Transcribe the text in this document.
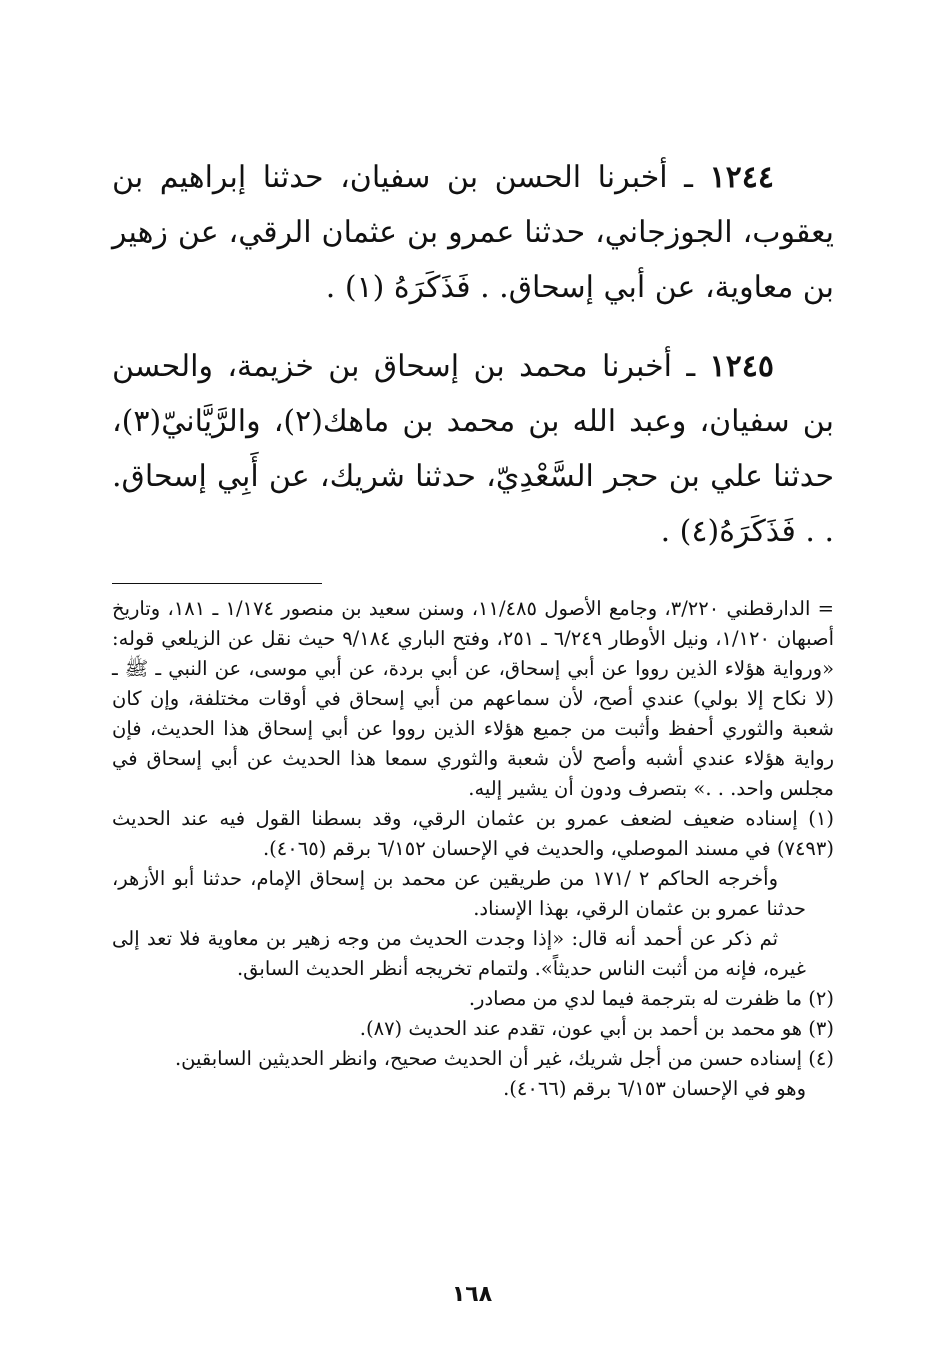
١٢٤٤ ـ أخبرنا الحسن بن سفيان، حدثنا إبراهيم بن يعقوب، الجوزجاني، حدثنا عمرو بن عثمان الرقي، عن زهير بن معاوية، عن أبي إسحاق. . فَذَكَرَهُ (١) .

١٢٤٥ ـ أخبرنا محمد بن إسحاق بن خزيمة، والحسن بن سفيان، وعبد الله بن محمد بن ماهك(٢)، والرَّيَّانيّ(٣)، حدثنا علي بن حجر السَّعْدِيّ، حدثنا شريك، عن أَبِي إسحاق. . . فَذَكَرَهُ(٤) .

= الدارقطني ٣/٢٢٠، وجامع الأصول ١١/٤٨٥، وسنن سعيد بن منصور ١/١٧٤ ـ ١٨١، وتاريخ أصبهان ١/١٢٠، ونيل الأوطار ٦/٢٤٩ ـ ٢٥١، وفتح الباري ٩/١٨٤ حيث نقل عن الزيلعي قوله: «ورواية هؤلاء الذين رووا عن أبي إسحاق، عن أبي بردة، عن أبي موسى، عن النبي ـ ﷺ ـ (لا نكاح إلا بولي) عندي أصح، لأن سماعهم من أبي إسحاق في أوقات مختلفة، وإن كان شعبة والثوري أحفظ وأثبت من جميع هؤلاء الذين رووا عن أبي إسحاق هذا الحديث، فإن رواية هؤلاء عندي أشبه وأصح لأن شعبة والثوري سمعا هذا الحديث عن أبي إسحاق في مجلس واحد. . .» بتصرف ودون أن يشير إليه.

(١) إسناده ضعيف لضعف عمرو بن عثمان الرقي، وقد بسطنا القول فيه عند الحديث (٧٤٩٣) في مسند الموصلي، والحديث في الإحسان ٦/١٥٢ برقم (٤٠٦٥).

وأخرجه الحاكم ٢ /١٧١ من طريقين عن محمد بن إسحاق الإمام، حدثنا أبو الأزهر، حدثنا عمرو بن عثمان الرقي، بهذا الإسناد.

ثم ذكر عن أحمد أنه قال: «إذا وجدت الحديث من وجه زهير بن معاوية فلا تعد إلى غيره، فإنه من أثبت الناس حديثاً». ولتمام تخريجه أنظر الحديث السابق.

(٢) ما ظفرت له بترجمة فيما لدي من مصادر.

(٣) هو محمد بن أحمد بن أبي عون، تقدم عند الحديث (٨٧).

(٤) إسناده حسن من أجل شريك، غير أن الحديث صحيح، وانظر الحديثين السابقين.

وهو في الإحسان ٦/١٥٣ برقم (٤٠٦٦).

١٦٨
